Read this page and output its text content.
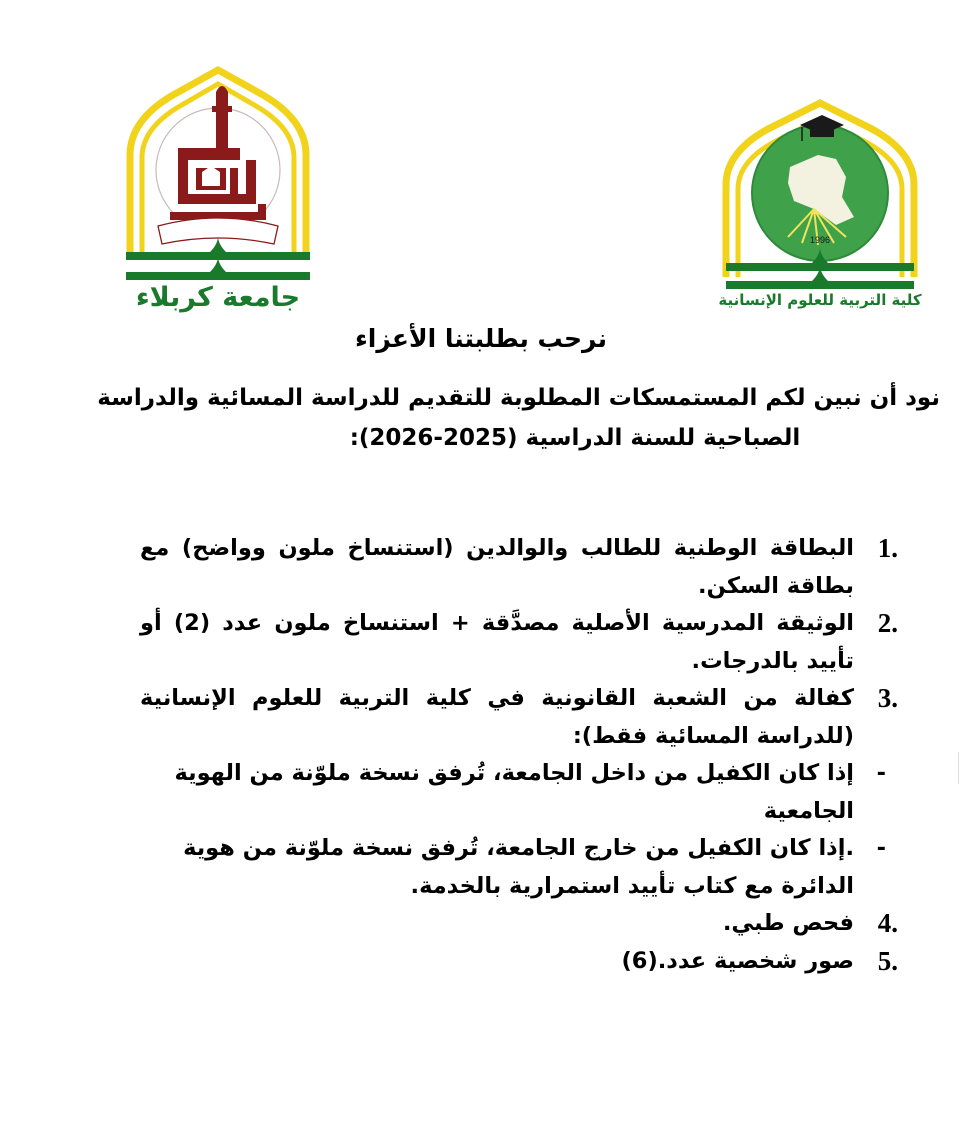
جامعة كربلاء
1996
كلية التربية للعلوم الإنسانية
نرحب بطلبتنا الأعزاء
نود أن نبين لكم المستمسكات المطلوبة للتقديم للدراسة المسائية والدراسة
الصباحية للسنة الدراسية (2025-2026):
1.
البطاقة الوطنية للطالب والوالدين (استنساخ ملون وواضح) مع بطاقة السكن.
2.
الوثيقة المدرسية الأصلية مصدَّقة + استنساخ ملون عدد (2) أو تأييد بالدرجات.
3.
كفالة من الشعبة القانونية في كلية التربية للعلوم الإنسانية (للدراسة المسائية فقط):
-
إذا كان الكفيل من داخل الجامعة، تُرفق نسخة ملوّنة من الهوية الجامعية
-
.إذا كان الكفيل من خارج الجامعة، تُرفق نسخة ملوّنة من هوية الدائرة مع كتاب تأييد استمرارية بالخدمة.
4.
فحص طبي.
5.
صور شخصية عدد.(6)
